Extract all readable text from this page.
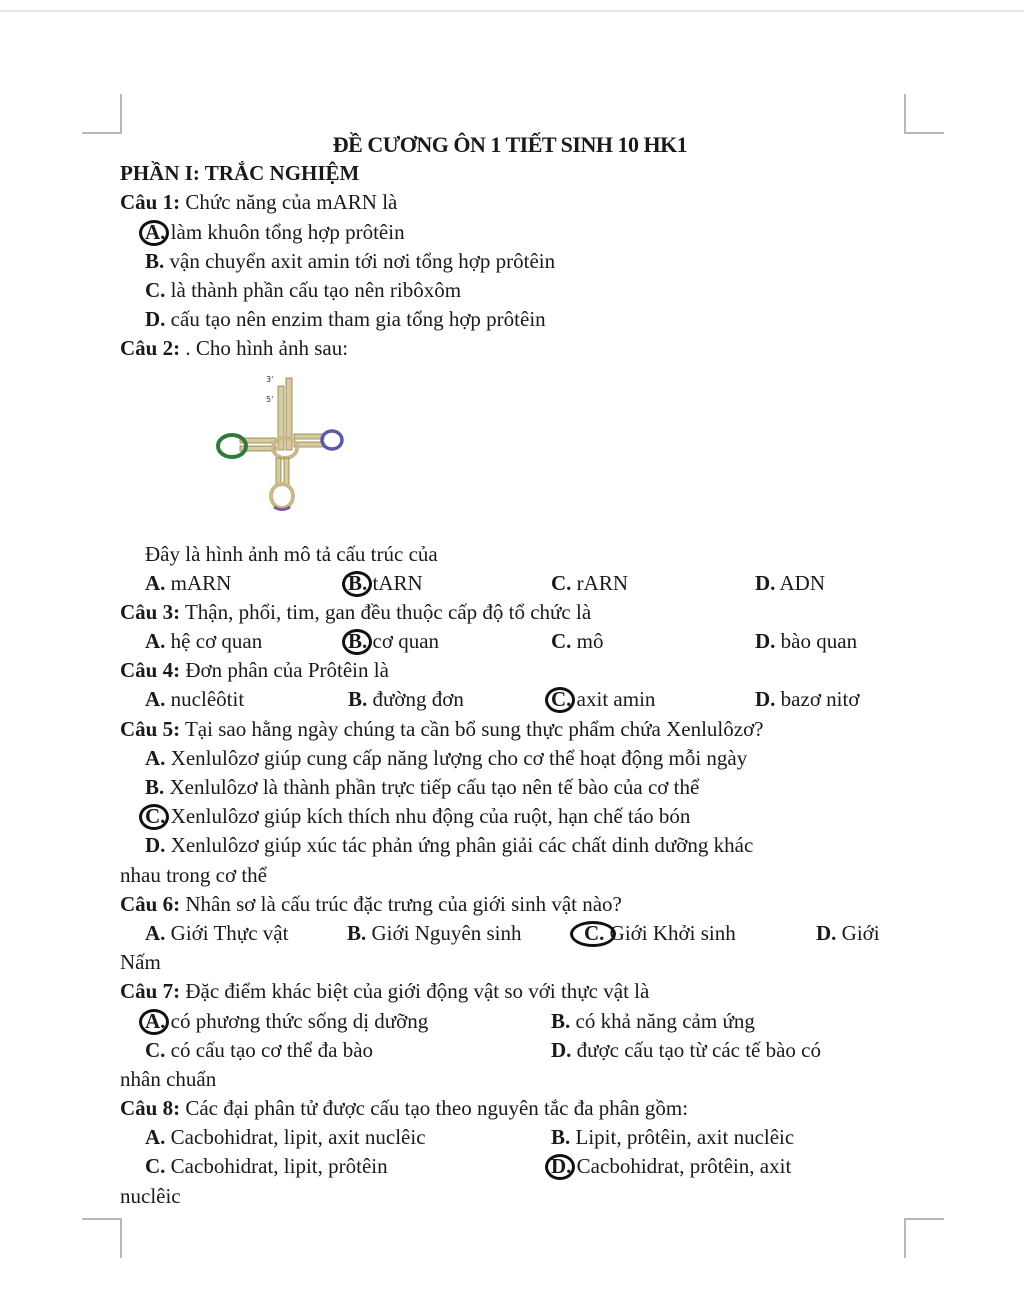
ĐỀ CƯƠNG ÔN 1 TIẾT SINH 10 HK1
PHẦN I: TRẮC NGHIỆM
Câu 1: Chức năng của mARN là
A. làm khuôn tổng hợp prôtêin
B. vận chuyển axit amin tới nơi tổng hợp prôtêin
C. là thành phần cấu tạo nên ribôxôm
D. cấu tạo nên enzim tham gia tổng hợp prôtêin
Câu 2: . Cho hình ảnh sau:
3'
5'
Đây là hình ảnh mô tả cấu trúc của
A. mARN	B. tARN	C. rARN	D. ADN
Câu 3: Thận, phổi, tim, gan đều thuộc cấp độ tổ chức là
A. hệ cơ quan	B. cơ quan	C. mô	D. bào quan
Câu 4: Đơn phân của Prôtêin là
A. nuclêôtit	B. đường đơn	C. axit amin	D. bazơ nitơ
Câu 5: Tại sao hằng ngày chúng ta cần bổ sung thực phẩm chứa Xenlulôzơ?
A. Xenlulôzơ giúp cung cấp năng lượng cho cơ thể hoạt động mỗi ngày
B. Xenlulôzơ là thành phần trực tiếp cấu tạo nên tế bào của cơ thể
C. Xenlulôzơ giúp kích thích nhu động của ruột, hạn chế táo bón
D. Xenlulôzơ giúp xúc tác phản ứng phân giải các chất dinh dưỡng khác
nhau trong cơ thể
Câu 6: Nhân sơ là cấu trúc đặc trưng của giới sinh vật nào?
A. Giới Thực vật	B. Giới Nguyên sinh	C. Giới Khởi sinh	D. Giới
Nấm
Câu 7: Đặc điểm khác biệt của giới động vật so với thực vật là
A. có phương thức sống dị dưỡng	B. có khả năng cảm ứng
C. có cấu tạo cơ thể đa bào	D. được cấu tạo từ các tế bào có
nhân chuẩn
Câu 8: Các đại phân tử được cấu tạo theo nguyên tắc đa phân gồm:
A. Cacbohidrat, lipit, axit nuclêic	B. Lipit, prôtêin, axit nuclêic
C. Cacbohidrat, lipit, prôtêin	D. Cacbohidrat, prôtêin, axit
nuclêic
